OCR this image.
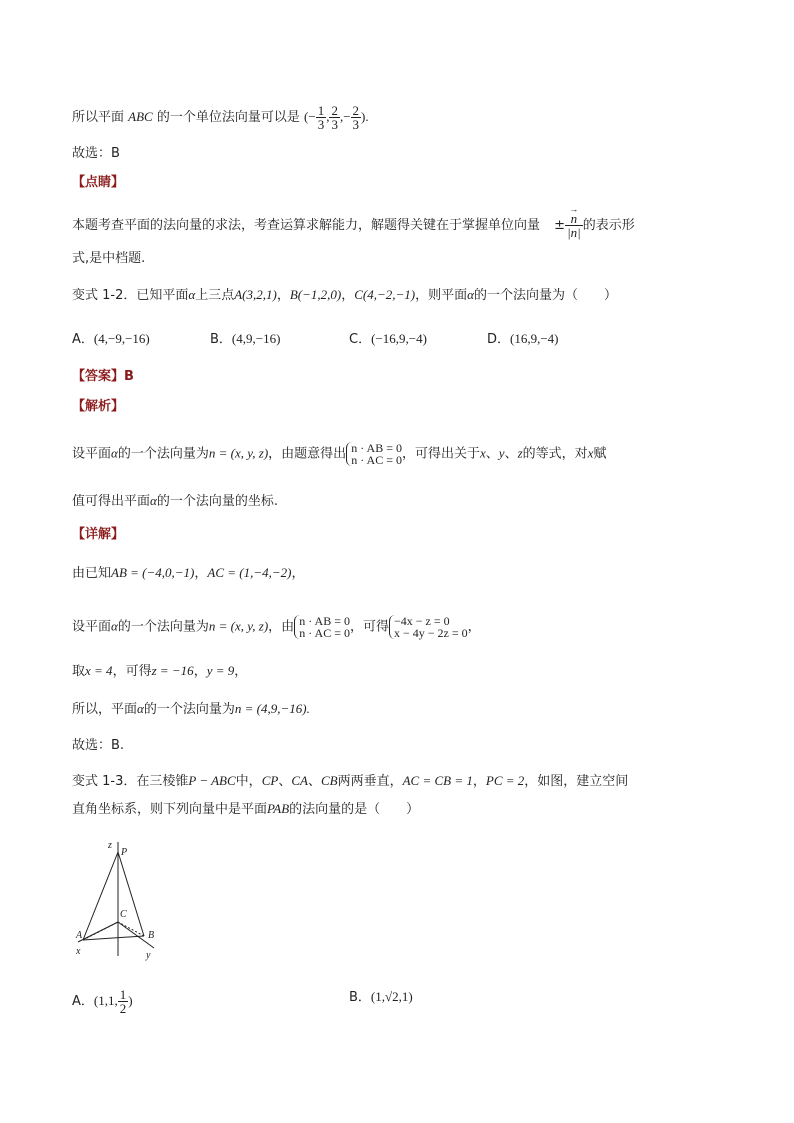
所以平面 ABC 的一个单位法向量可以是 (− $\frac{1}{3}$ , $\frac{2}{3}$ ,− $\frac{2}{3}$ ).
故选：B
【点睛】
本题考查平面的法向量的求法，考查运算求解能力，解题得关键在于掌握单位向量 ±
→ $\frac{n}{|n|}$ 的表示形
式,是中档题.
变式 1-2．已知平面α上三点A(3,2,1)，B(−1,2,0)，C(4,−2,−1)，则平面α的一个法向量为（　　）
A．(4,−9,−16)	B．(4,9,−16)	C．(−16,9,−4)	D．(16,9,−4)
【答案】B
【解析】
设平面α的一个法向量为n = (x, y, z)，由题意得出 n · AB = 0
n · AC = 0 ，可得出关于x、y、z的等式，对x赋
值可得出平面α的一个法向量的坐标.
【详解】
由已知AB = (−4,0,−1)，AC = (1,−4,−2)，
设平面α的一个法向量为n = (x, y, z)，由 n · AB = 0
n · AC = 0 ，可得 −4x − z = 0
x − 4y − 2z = 0 ，
取x = 4，可得z = −16，y = 9，
所以，平面α的一个法向量为n = (4,9,−16).
故选：B.
变式 1-3．在三棱锥P − ABC中，CP、CA、CB两两垂直，AC = CB = 1，PC = 2，如图，建立空间
直角坐标系，则下列向量中是平面PAB的法向量的是（　　）
z
P
C
A	B
x	y
A．(1,1, $\frac{1}{2}$ )	B．(1,√2,1)
